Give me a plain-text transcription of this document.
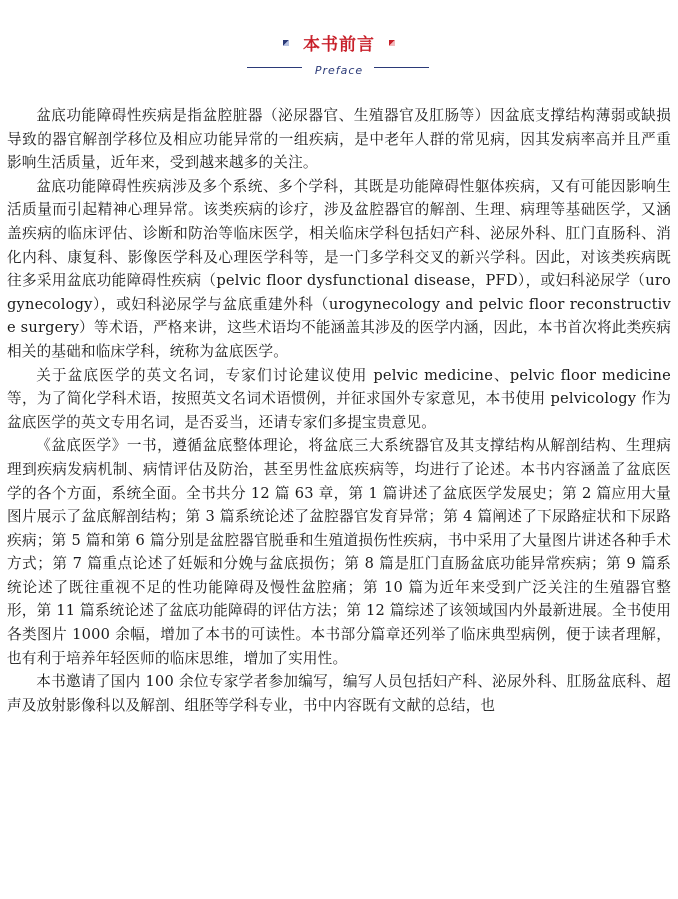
本书前言
Preface

盆底功能障碍性疾病是指盆腔脏器（泌尿器官、生殖器官及肛肠等）因盆底支撑结构薄弱或缺损导致的器官解剖学移位及相应功能异常的一组疾病，是中老年人群的常见病，因其发病率高并且严重影响生活质量，近年来，受到越来越多的关注。

盆底功能障碍性疾病涉及多个系统、多个学科，其既是功能障碍性躯体疾病，又有可能因影响生活质量而引起精神心理异常。该类疾病的诊疗，涉及盆腔器官的解剖、生理、病理等基础医学，又涵盖疾病的临床评估、诊断和防治等临床医学，相关临床学科包括妇产科、泌尿外科、肛门直肠科、消化内科、康复科、影像医学科及心理医学科等，是一门多学科交叉的新兴学科。因此，对该类疾病既往多采用盆底功能障碍性疾病（pelvic floor dysfunctional disease，PFD），或妇科泌尿学（urogynecology），或妇科泌尿学与盆底重建外科（urogynecology and pelvic floor reconstructive surgery）等术语，严格来讲，这些术语均不能涵盖其涉及的医学内涵，因此，本书首次将此类疾病相关的基础和临床学科，统称为盆底医学。

关于盆底医学的英文名词，专家们讨论建议使用 pelvic medicine、pelvic floor medicine 等，为了简化学科术语，按照英文名词术语惯例，并征求国外专家意见，本书使用 pelvicology 作为盆底医学的英文专用名词，是否妥当，还请专家们多提宝贵意见。

《盆底医学》一书，遵循盆底整体理论，将盆底三大系统器官及其支撑结构从解剖结构、生理病理到疾病发病机制、病情评估及防治，甚至男性盆底疾病等，均进行了论述。本书内容涵盖了盆底医学的各个方面，系统全面。全书共分 12 篇 63 章，第 1 篇讲述了盆底医学发展史；第 2 篇应用大量图片展示了盆底解剖结构；第 3 篇系统论述了盆腔器官发育异常；第 4 篇阐述了下尿路症状和下尿路疾病；第 5 篇和第 6 篇分别是盆腔器官脱垂和生殖道损伤性疾病，书中采用了大量图片讲述各种手术方式；第 7 篇重点论述了妊娠和分娩与盆底损伤；第 8 篇是肛门直肠盆底功能异常疾病；第 9 篇系统论述了既往重视不足的性功能障碍及慢性盆腔痛；第 10 篇为近年来受到广泛关注的生殖器官整形，第 11 篇系统论述了盆底功能障碍的评估方法；第 12 篇综述了该领域国内外最新进展。全书使用各类图片 1000 余幅，增加了本书的可读性。本书部分篇章还列举了临床典型病例，便于读者理解，也有利于培养年轻医师的临床思维，增加了实用性。

本书邀请了国内 100 余位专家学者参加编写，编写人员包括妇产科、泌尿外科、肛肠盆底科、超声及放射影像科以及解剖、组胚等学科专业，书中内容既有文献的总结，也
